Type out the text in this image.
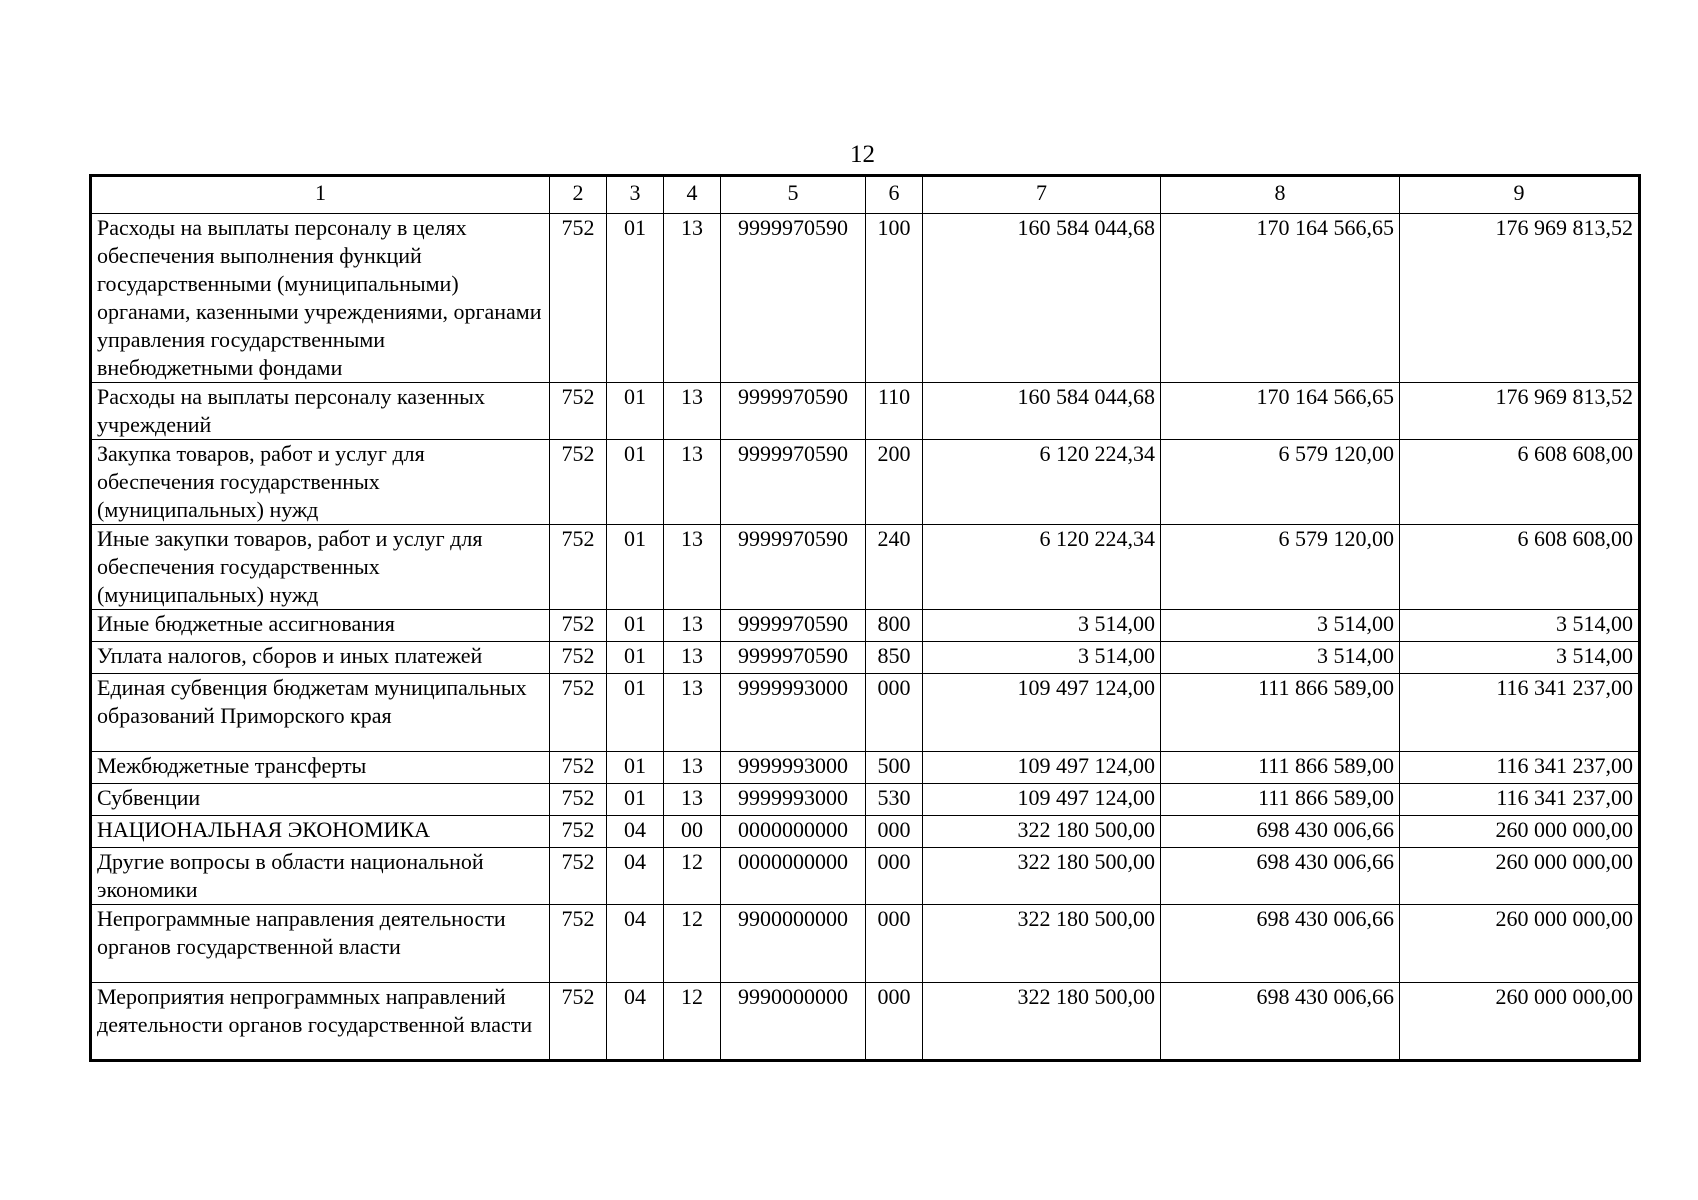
12
1	2	3	4	5	6	7	8	9
Расходы на выплаты персоналу в целях обеспечения выполнения функций государственными (муниципальными) органами, казенными учреждениями, органами управления государственными внебюджетными фондами	752	01	13	9999970590	100	160 584 044,68	170 164 566,65	176 969 813,52
Расходы на выплаты персоналу казенных учреждений	752	01	13	9999970590	110	160 584 044,68	170 164 566,65	176 969 813,52
Закупка товаров, работ и услуг для обеспечения государственных (муниципальных) нужд	752	01	13	9999970590	200	6 120 224,34	6 579 120,00	6 608 608,00
Иные закупки товаров, работ и услуг для обеспечения государственных (муниципальных) нужд	752	01	13	9999970590	240	6 120 224,34	6 579 120,00	6 608 608,00
Иные бюджетные ассигнования	752	01	13	9999970590	800	3 514,00	3 514,00	3 514,00
Уплата налогов, сборов и иных платежей	752	01	13	9999970590	850	3 514,00	3 514,00	3 514,00
Единая субвенция бюджетам муниципальных образований Приморского края	752	01	13	9999993000	000	109 497 124,00	111 866 589,00	116 341 237,00
Межбюджетные трансферты	752	01	13	9999993000	500	109 497 124,00	111 866 589,00	116 341 237,00
Субвенции	752	01	13	9999993000	530	109 497 124,00	111 866 589,00	116 341 237,00
НАЦИОНАЛЬНАЯ ЭКОНОМИКА	752	04	00	0000000000	000	322 180 500,00	698 430 006,66	260 000 000,00
Другие вопросы в области национальной экономики	752	04	12	0000000000	000	322 180 500,00	698 430 006,66	260 000 000,00
Непрограммные направления деятельности органов государственной власти	752	04	12	9900000000	000	322 180 500,00	698 430 006,66	260 000 000,00
Мероприятия непрограммных направлений деятельности органов государственной власти	752	04	12	9990000000	000	322 180 500,00	698 430 006,66	260 000 000,00
